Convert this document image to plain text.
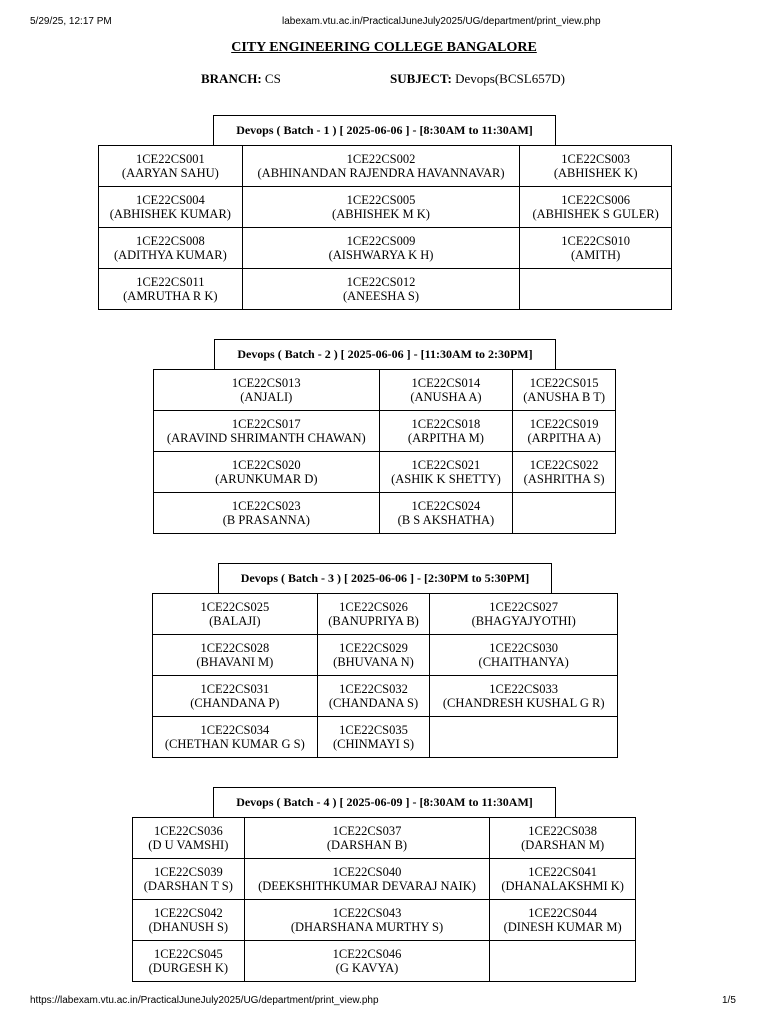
5/29/25, 12:17 PM	labexam.vtu.ac.in/PracticalJuneJuly2025/UG/department/print_view.php
CITY ENGINEERING COLLEGE BANGALORE
BRANCH: CS	SUBJECT: Devops(BCSL657D)
Devops ( Batch - 1 ) [ 2025-06-06 ] - [8:30AM to 11:30AM]
1CE22CS001
(AARYAN SAHU)	1CE22CS002
(ABHINANDAN RAJENDRA HAVANNAVAR)	1CE22CS003
(ABHISHEK K)

1CE22CS004
(ABHISHEK KUMAR)	1CE22CS005
(ABHISHEK M K)	1CE22CS006
(ABHISHEK S GULER)

1CE22CS008
(ADITHYA KUMAR)	1CE22CS009
(AISHWARYA K H)	1CE22CS010
(AMITH)

1CE22CS011
(AMRUTHA R K)	1CE22CS012
(ANEESHA S)	

Devops ( Batch - 2 ) [ 2025-06-06 ] - [11:30AM to 2:30PM]
1CE22CS013
(ANJALI)	1CE22CS014
(ANUSHA A)	1CE22CS015
(ANUSHA B T)

1CE22CS017
(ARAVIND SHRIMANTH CHAWAN)	1CE22CS018
(ARPITHA M)	1CE22CS019
(ARPITHA A)

1CE22CS020
(ARUNKUMAR D)	1CE22CS021
(ASHIK K SHETTY)	1CE22CS022
(ASHRITHA S)

1CE22CS023
(B PRASANNA)	1CE22CS024
(B S AKSHATHA)	

Devops ( Batch - 3 ) [ 2025-06-06 ] - [2:30PM to 5:30PM]
1CE22CS025
(BALAJI)	1CE22CS026
(BANUPRIYA B)	1CE22CS027
(BHAGYAJYOTHI)

1CE22CS028
(BHAVANI M)	1CE22CS029
(BHUVANA N)	1CE22CS030
(CHAITHANYA)

1CE22CS031
(CHANDANA P)	1CE22CS032
(CHANDANA S)	1CE22CS033
(CHANDRESH KUSHAL G R)

1CE22CS034
(CHETHAN KUMAR G S)	1CE22CS035
(CHINMAYI S)	

Devops ( Batch - 4 ) [ 2025-06-09 ] - [8:30AM to 11:30AM]
1CE22CS036
(D U VAMSHI)	1CE22CS037
(DARSHAN B)	1CE22CS038
(DARSHAN M)

1CE22CS039
(DARSHAN T S)	1CE22CS040
(DEEKSHITHKUMAR DEVARAJ NAIK)	1CE22CS041
(DHANALAKSHMI K)

1CE22CS042
(DHANUSH S)	1CE22CS043
(DHARSHANA MURTHY S)	1CE22CS044
(DINESH KUMAR M)

1CE22CS045
(DURGESH K)	1CE22CS046
(G KAVYA)	

https://labexam.vtu.ac.in/PracticalJuneJuly2025/UG/department/print_view.php	1/5
